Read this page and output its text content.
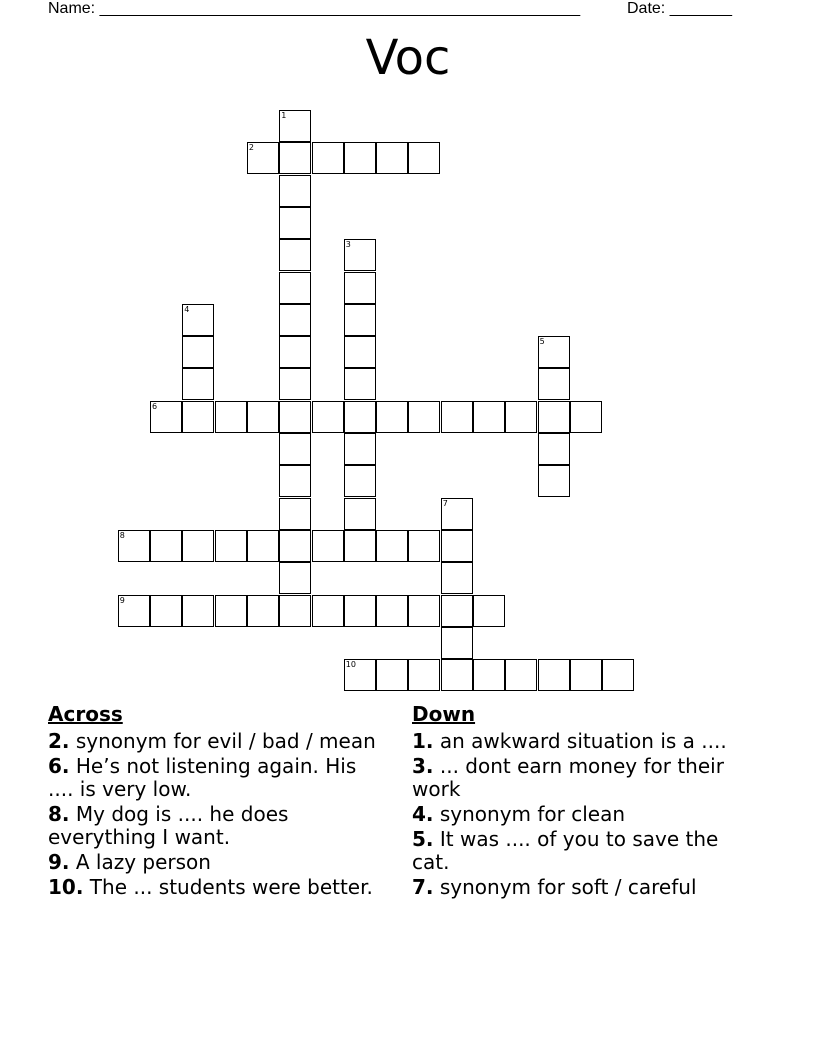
Name: ______________________________________________________	Date: _______
Voc
1
2
3
4
5
6
7
8
9
10
Across
2. synonym for evil / bad / mean
6. He’s not listening again. His .... is very low.
8. My dog is .... he does everything I want.
9. A lazy person
10. The ... students were better.
Down
1. an awkward situation is a ....
3. ... dont earn money for their work
4. synonym for clean
5. It was .... of you to save the cat.
7. synonym for soft / careful
